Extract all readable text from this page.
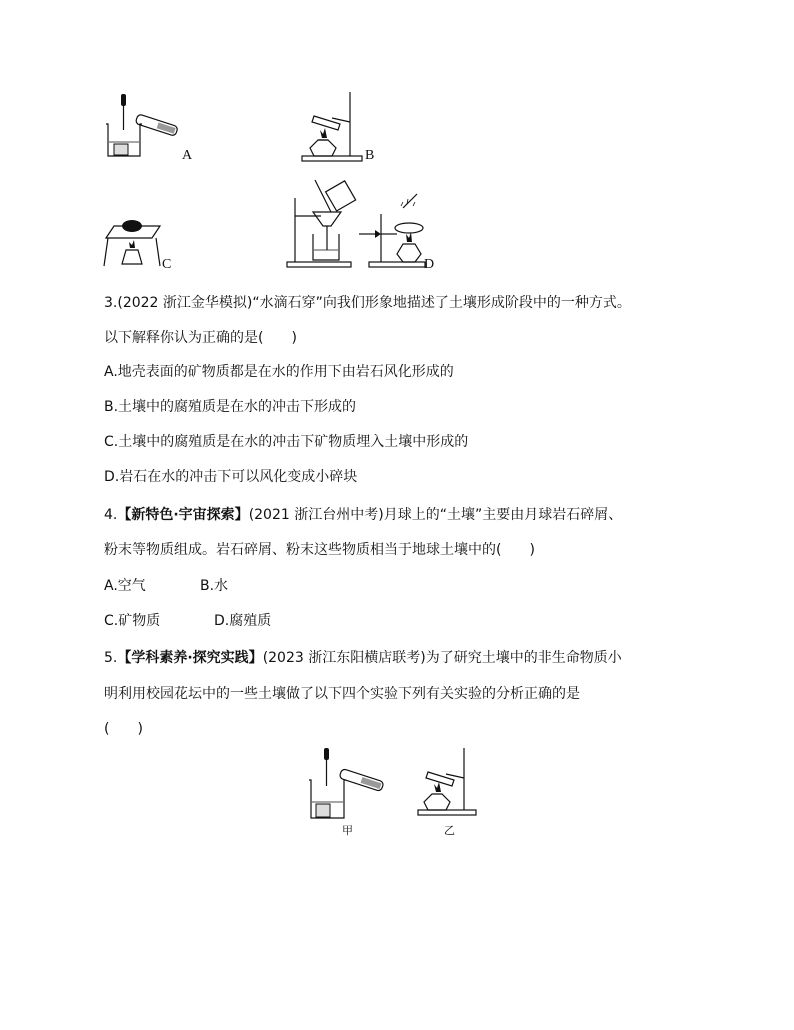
A	B
C	D
3.(2022 浙江金华模拟)“水滴石穿”向我们形象地描述了土壤形成阶段中的一种方式。
以下解释你认为正确的是(　　)
A.地壳表面的矿物质都是在水的作用下由岩石风化形成的
B.土壤中的腐殖质是在水的冲击下形成的
C.土壤中的腐殖质是在水的冲击下矿物质埋入土壤中形成的
D.岩石在水的冲击下可以风化变成小碎块
4.【新特色·宇宙探索】(2021 浙江台州中考)月球上的“土壤”主要由月球岩石碎屑、
粉末等物质组成。岩石碎屑、粉末这些物质相当于地球土壤中的(　　)
A.空气	B.水
C.矿物质	D.腐殖质
5.【学科素养·探究实践】(2023 浙江东阳横店联考)为了研究土壤中的非生命物质小
明利用校园花坛中的一些土壤做了以下四个实验下列有关实验的分析正确的是
(　　)
甲	乙
